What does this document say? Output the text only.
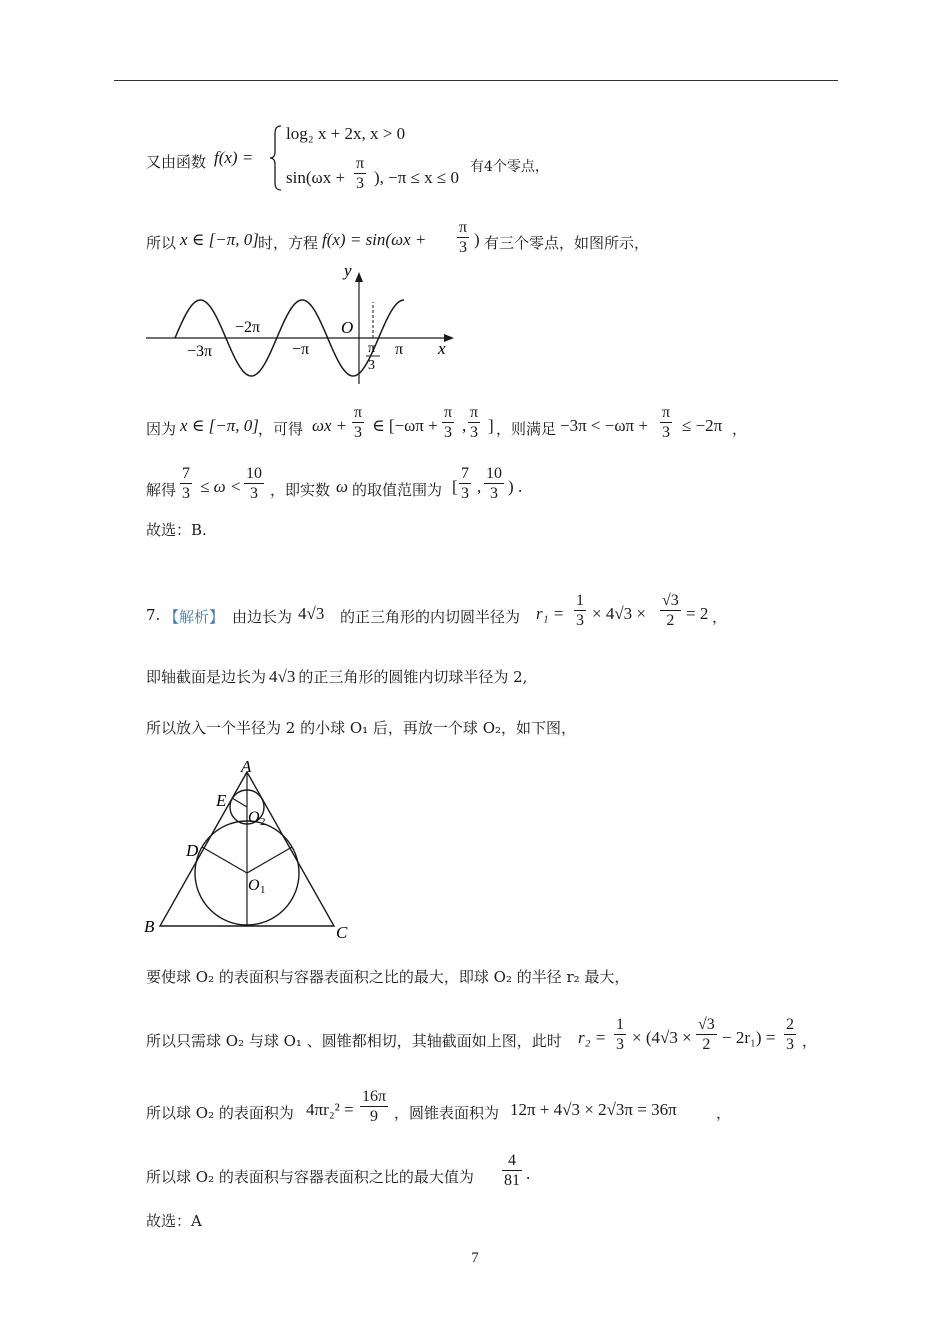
又由函数 f(x) =
log₂ x + 2x, x > 0
$\sin(\omega x + \frac{\pi}{3}$ ), −π ≤ x ≤ 0
有4个零点，
所以 x ∈ [−π, 0] 时，方程 $f(x) = \sin(\omega x + \frac{\pi}{3}$ ) 有三个零点，如图所示，
y
x
O
−3π
−2π
−π	π
π
3
因为 x ∈ [−π, 0] ，可得 $\omega x + \frac{\pi}{3}$ ∈ [$-\omega\pi + \frac{\pi}{3}$ , $\frac{\pi}{3}$ ] ，则满足 $-3\pi < -\omega\pi + \frac{\pi}{3} \le -2\pi$ ，
解得 $\frac{7}{3} \le \omega < \frac{10}{3}$ ，即实数 ω 的取值范围为 [ $\frac{7}{3}$ , $\frac{10}{3}$ ) .
故选：B.
7. 【解析】 由边长为 4√3 的正三角形的内切圆半径为 $r_1 = \frac{1}{3} \times 4√3 \times \frac{√3}{2} = 2$ ，
即轴截面是边长为 4√3 的正三角形的圆锥内切球半径为 2,
所以放入一个半径为 2 的小球 O₁ 后，再放一个球 O₂，如下图，
A
B	C
D
E
O 1
O 2
要使球 O₂ 的表面积与容器表面积之比的最大，即球 O₂ 的半径 r₂ 最大，
所以只需球 O₂ 与球 O₁ 、圆锥都相切，其轴截面如上图，此时 $r_2 = \frac{1}{3} \times (4√3 \times \frac{√3}{2} - 2r_1) = \frac{2}{3}$ ，
所以球 O₂ 的表面积为 $4\pi r_2^2 = \frac{16\pi}{9}$ ，圆锥表面积为 12π + 4√3 × 2√3π = 36π	，
所以球 O₂ 的表面积与容器表面积之比的最大值为 $\frac{4}{81}$ .
故选：A
7
